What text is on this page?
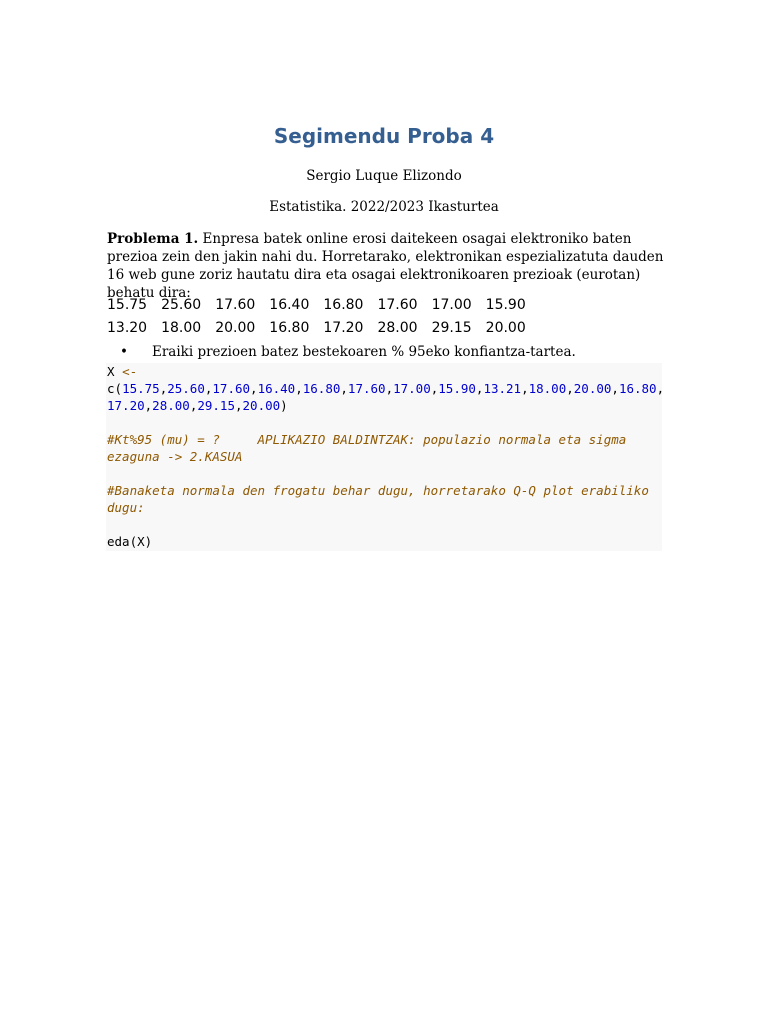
Segimendu Proba 4
Sergio Luque Elizondo
Estatistika. 2022/2023 Ikasturtea
Problema 1. Enpresa batek online erosi daitekeen osagai elektroniko baten prezioa zein den jakin nahi du. Horretarako, elektronikan espezializatuta dauden 16 web gune zoriz hautatu dira eta osagai elektronikoaren prezioak (eurotan) behatu dira:
15.75	25.60	17.60	16.40	16.80	17.60	17.00	15.90
13.20	18.00	20.00	16.80	17.20	28.00	29.15	20.00
• Eraiki prezioen batez bestekoaren % 95eko konfiantza-tartea.
X <-
c(15.75,25.60,17.60,16.40,16.80,17.60,17.00,15.90,13.21,18.00,20.00,16.80,
17.20,28.00,29.15,20.00)

#Kt%95 (mu) = ?     APLIKAZIO BALDINTZAK: populazio normala eta sigma
ezaguna -> 2.KASUA

#Banaketa normala den frogatu behar dugu, horretarako Q-Q plot erabiliko
dugu:

eda(X)
